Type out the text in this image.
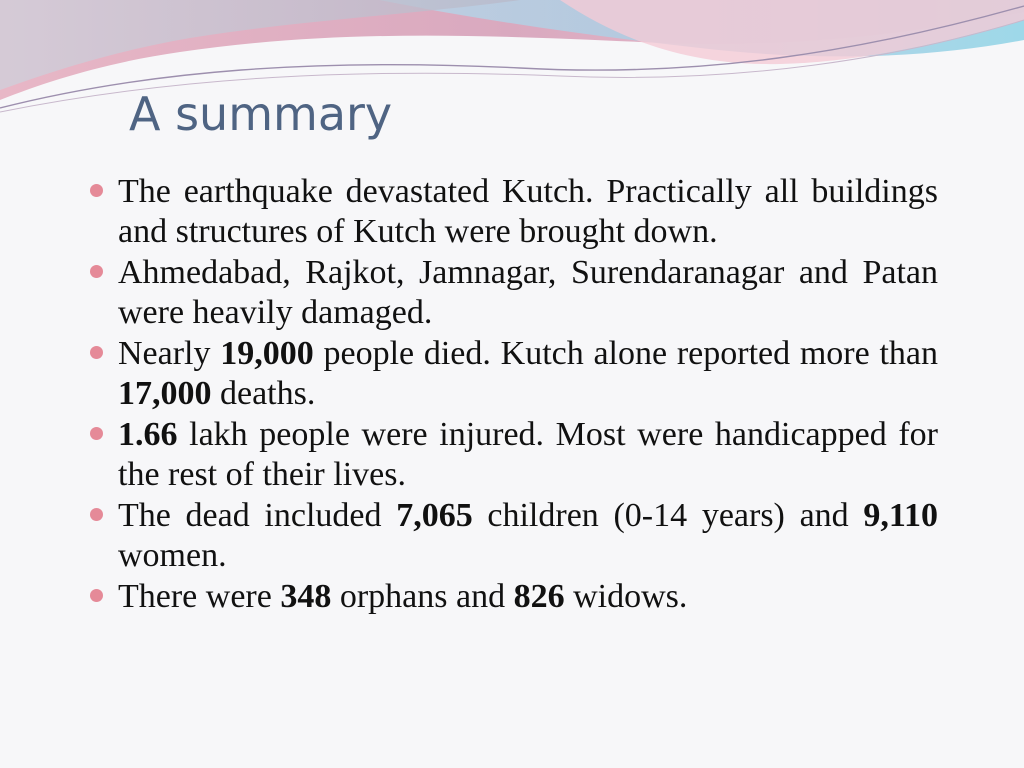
A summary
The earthquake devastated Kutch. Practically all buildings and structures of Kutch were brought down.
Ahmedabad, Rajkot, Jamnagar, Surendaranagar and Patan were heavily damaged.
Nearly 19,000 people died. Kutch alone reported more than 17,000 deaths.
1.66 lakh people were injured. Most were handicapped for the rest of their lives.
The dead included 7,065 children (0-14 years) and 9,110 women.
There were 348 orphans and 826 widows.
